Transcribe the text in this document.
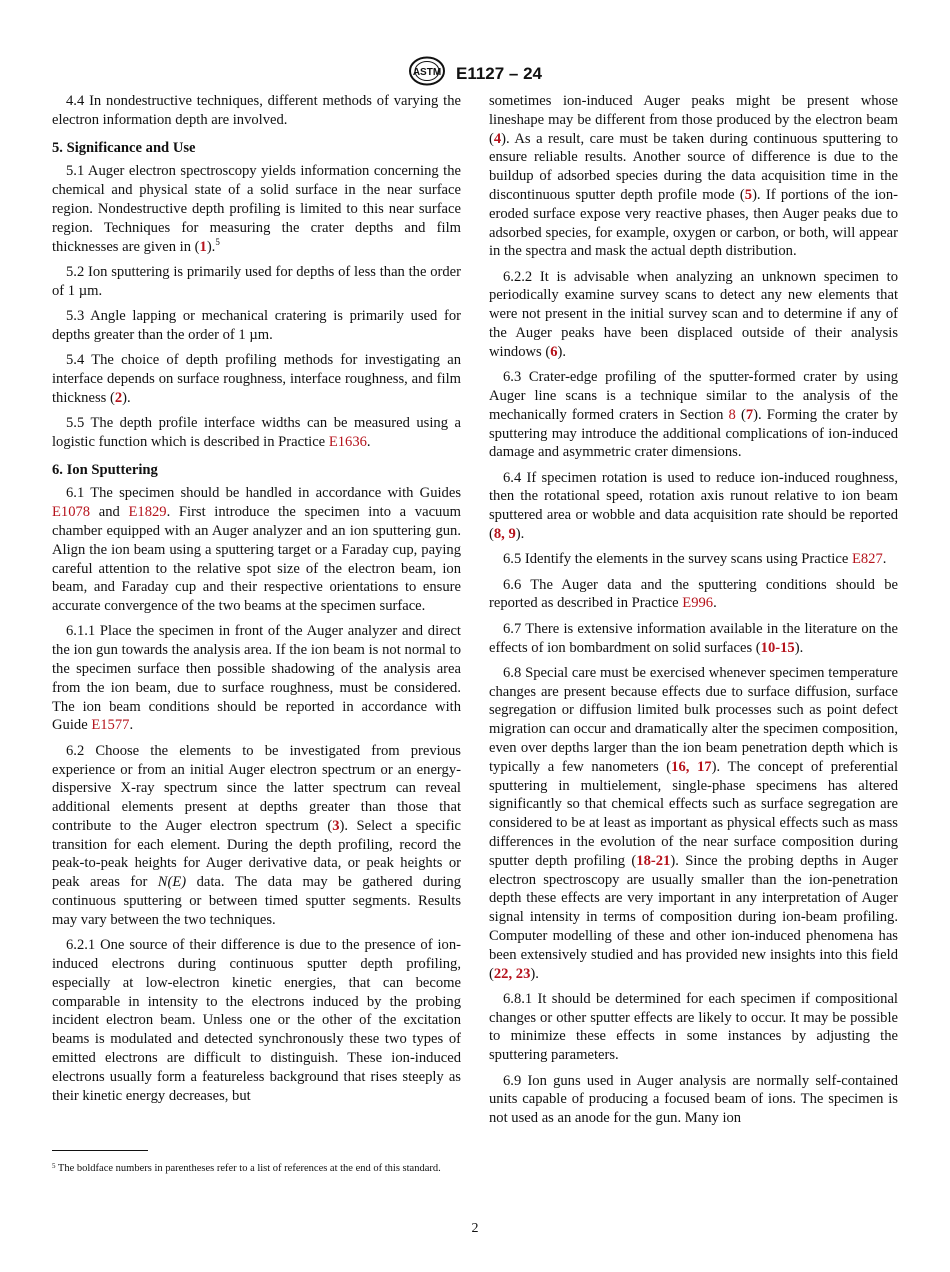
ASTM E1127 – 24

4.4 In nondestructive techniques, different methods of varying the electron information depth are involved.

5. Significance and Use

5.1 Auger electron spectroscopy yields information concerning the chemical and physical state of a solid surface in the near surface region. Nondestructive depth profiling is limited to this near surface region. Techniques for measuring the crater depths and film thicknesses are given in (1).$^5$

5.2 Ion sputtering is primarily used for depths of less than the order of 1 µm.

5.3 Angle lapping or mechanical cratering is primarily used for depths greater than the order of 1 µm.

5.4 The choice of depth profiling methods for investigating an interface depends on surface roughness, interface roughness, and film thickness (2).

5.5 The depth profile interface widths can be measured using a logistic function which is described in Practice E1636.

6. Ion Sputtering

6.1 The specimen should be handled in accordance with Guides E1078 and E1829. First introduce the specimen into a vacuum chamber equipped with an Auger analyzer and an ion sputtering gun. Align the ion beam using a sputtering target or a Faraday cup, paying careful attention to the relative spot size of the electron beam, ion beam, and Faraday cup and their respective orientations to ensure accurate convergence of the two beams at the specimen surface.

6.1.1 Place the specimen in front of the Auger analyzer and direct the ion gun towards the analysis area. If the ion beam is not normal to the specimen surface then possible shadowing of the analysis area from the ion beam, due to surface roughness, must be considered. The ion beam conditions should be reported in accordance with Guide E1577.

6.2 Choose the elements to be investigated from previous experience or from an initial Auger electron spectrum or an energy-dispersive X-ray spectrum since the latter spectrum can reveal additional elements present at depths greater than those that contribute to the Auger electron spectrum (3). Select a specific transition for each element. During the depth profiling, record the peak-to-peak heights for Auger derivative data, or peak heights or peak areas for N(E) data. The data may be gathered during continuous sputtering or between timed sputter segments. Results may vary between the two techniques.

6.2.1 One source of their difference is due to the presence of ion-induced electrons during continuous sputter depth profiling, especially at low-electron kinetic energies, that can become comparable in intensity to the electrons induced by the probing incident electron beam. Unless one or the other of the excitation beams is modulated and detected synchronously these two types of emitted electrons are difficult to distinguish. These ion-induced electrons usually form a featureless background that rises steeply as their kinetic energy decreases, but

$^5$ The boldface numbers in parentheses refer to a list of references at the end of this standard.

sometimes ion-induced Auger peaks might be present whose lineshape may be different from those produced by the electron beam (4). As a result, care must be taken during continuous sputtering to ensure reliable results. Another source of difference is due to the buildup of adsorbed species during the data acquisition time in the discontinuous sputter depth profile mode (5). If portions of the ion-eroded surface expose very reactive phases, then Auger peaks due to adsorbed species, for example, oxygen or carbon, or both, will appear in the spectra and mask the actual depth distribution.

6.2.2 It is advisable when analyzing an unknown specimen to periodically examine survey scans to detect any new elements that were not present in the initial survey scan and to determine if any of the Auger peaks have been displaced outside of their analysis windows (6).

6.3 Crater-edge profiling of the sputter-formed crater by using Auger line scans is a technique similar to the analysis of the mechanically formed craters in Section 8 (7). Forming the crater by sputtering may introduce the additional complications of ion-induced damage and asymmetric crater dimensions.

6.4 If specimen rotation is used to reduce ion-induced roughness, then the rotational speed, rotation axis runout relative to ion beam sputtered area or wobble and data acquisition rate should be reported (8, 9).

6.5 Identify the elements in the survey scans using Practice E827.

6.6 The Auger data and the sputtering conditions should be reported as described in Practice E996.

6.7 There is extensive information available in the literature on the effects of ion bombardment on solid surfaces (10-15).

6.8 Special care must be exercised whenever specimen temperature changes are present because effects due to surface diffusion, surface segregation or diffusion limited bulk processes such as point defect migration can occur and dramatically alter the specimen composition, even over depths larger than the ion beam penetration depth which is typically a few nanometers (16, 17). The concept of preferential sputtering in multielement, single-phase specimens has altered significantly so that chemical effects such as surface segregation are considered to be at least as important as physical effects such as mass differences in the evolution of the near surface composition during sputter depth profiling (18-21). Since the probing depths in Auger electron spectroscopy are usually smaller than the ion-penetration depth these effects are very important in any interpretation of Auger signal intensity in terms of composition during ion-beam profiling. Computer modelling of these and other ion-induced phenomena has been extensively studied and has provided new insights into this field (22, 23).

6.8.1 It should be determined for each specimen if compositional changes or other sputter effects are likely to occur. It may be possible to minimize these effects in some instances by adjusting the sputtering parameters.

6.9 Ion guns used in Auger analysis are normally self-contained units capable of producing a focused beam of ions. The specimen is not used as an anode for the gun. Many ion

2
